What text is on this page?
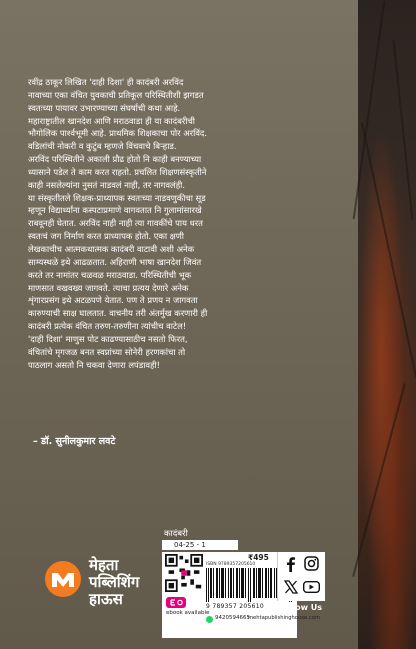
रवींद्र ठाकूर लिखित 'दाही दिशा' ही कादंबरी अरविंद

नावाच्या एका वंचित युवकाची प्रतिकूल परिस्थितीशी झगडत

स्वतःच्या पायावर उभारण्याच्या संघर्षाची कथा आहे.

महाराष्ट्रातील खानदेश आणि मराठवाडा ही या कादंबरीची

भौगोलिक पार्श्वभूमी आहे. प्राथमिक शिक्षकाचा पोर अरविंद.

वडिलांची नोकरी व कुटुंब म्हणजे विंचवाचे बिऱ्हाड.

अरविंद परिस्थितीने अकाली प्रौढ होतो नि काही बनण्याच्या

ध्यासाने पडेल ते काम करत राहतो. प्रचलित शिक्षणसंस्कृतीने

काही नसलेल्यांना नुसतं नाडवलं नाही, तर नागवलंही.

या संस्कृतीतले शिक्षक-प्राध्यापक स्वतःच्या नाडवणुकीचा सूड

म्हणून विद्यार्थ्यांना कस्पटाप्रमाणे वागवतात नि गुलामांसारखे

राबवूनही घेतात. अरविंद नाही नाही त्या गावकींचे पाय धरत

स्वतःचं जग निर्माण करत प्राध्यापक होतो. एका क्षणी

लेखकाचीच आत्मकथात्मक कादंबरी वाटावी अशी अनेक

साम्यस्थळे इथे आढळतात. अहिराणी भाषा खानदेश जिवंत

करते तर नामांतर चळवळ मराठवाडा. परिस्थितीची भूक

माणसात वखवख्य जागवते. त्याचा प्रत्यय देणारे अनेक

शृंगारप्रसंग इथे अटळपणे येतात. पण ते प्रणय न जागवता

कारुण्याची साक्ष घालतात. वाचनीय तरी अंतर्मुख करणारी ही

कादंबरी प्रत्येक वंचित तरुण-तरुणीना त्यांचीच वाटेल!

'दाही दिशा' माणुस पोट काढण्यासाठीच नसतो फिरत,

वंचितांचे मृगजळ बनत स्वप्नांच्या सोनेरी हरणकांचा तो

पाठलाग असतो नि चकवा देणारा लपंडावही!

– डॉ. सुनीलकुमार लवटे
कादंबरी
04-25 - 1
मेहता
पब्लिशिंग
हाऊस
ebook available
₹495
ISBN 9789357205610
9 789357 205610
9420594665
mehtapublishinghouse.com
Follow Us
